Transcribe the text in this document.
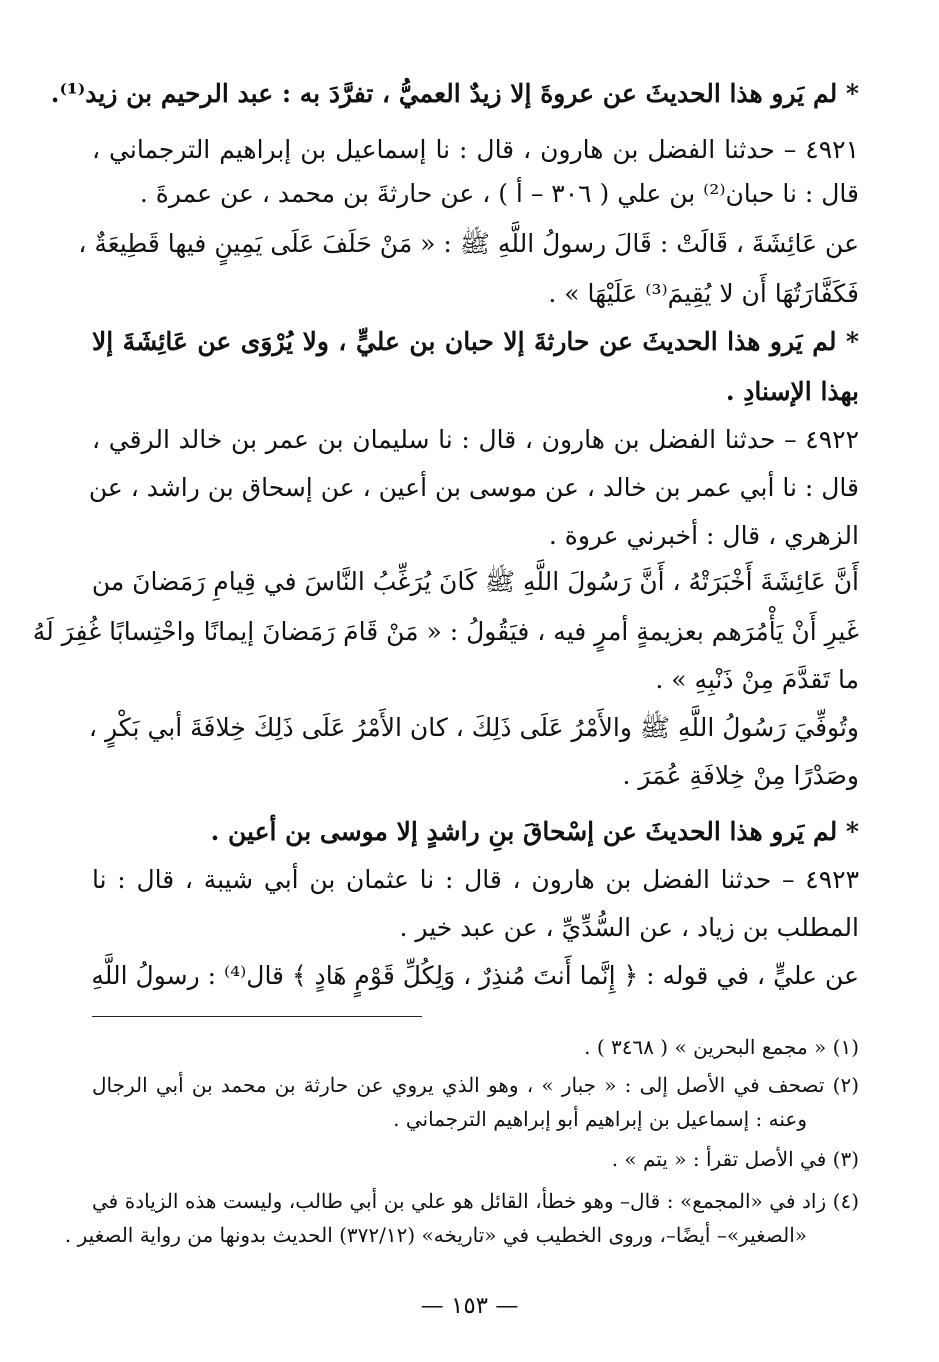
* لم يَرو هذا الحديثَ عن عروةَ إلا زيدٌ العميُّ ، تفرَّدَ به : عبد الرحيم بن زيد⁽¹⁾.
٤٩٢١ – حدثنا الفضل بن هارون ، قال : نا إسماعيل بن إبراهيم الترجماني ،
قال : نا حبان⁽²⁾ بن علي ( ٣٠٦ – أ ) ، عن حارثةَ بن محمد ، عن عمرةَ .
عن عَائِشَةَ ، قَالَتْ : قَالَ رسولُ اللَّهِ ﷺ : « مَنْ حَلَفَ عَلَى يَمِينٍ فيها قَطِيعَةٌ ،
فَكَفَّارَتُهَا أَن لا يُقِيمَ⁽³⁾ عَلَيْهَا » .
* لم يَرو هذا الحديثَ عن حارثةَ إلا حبان بن عليٍّ ، ولا يُرْوَى عن عَائِشَةَ إلا
بهذا الإسنادِ .
٤٩٢٢ – حدثنا الفضل بن هارون ، قال : نا سليمان بن عمر بن خالد الرقي ،
قال : نا أبي عمر بن خالد ، عن موسى بن أعين ، عن إسحاق بن راشد ، عن
الزهري ، قال : أخبرني عروة .
أَنَّ عَائِشَةَ أَخْبَرَتْهُ ، أَنَّ رَسُولَ اللَّهِ ﷺ كَانَ يُرَغِّبُ النَّاسَ في قِيامِ رَمَضانَ من
غَيرِ أَنْ يَأْمُرَهم بعزيمةٍ أمرٍ فيه ، فيَقُولُ : « مَنْ قَامَ رَمَضانَ إيمانًا واحْتِسابًا غُفِرَ لَهُ
ما تَقدَّمَ مِنْ ذَنْبِهِ » .
وتُوفِّيَ رَسُولُ اللَّهِ ﷺ والأَمْرُ عَلَى ذَلِكَ ، كان الأَمْرُ عَلَى ذَلِكَ خِلافَةَ أبي بَكْرٍ ،
وصَدْرًا مِنْ خِلافَةِ عُمَرَ .
* لم يَرو هذا الحديثَ عن إسْحاقَ بنِ راشدٍ إلا موسى بن أعين .
٤٩٢٣ – حدثنا الفضل بن هارون ، قال : نا عثمان بن أبي شيبة ، قال : نا
المطلب بن زياد ، عن السُّدِّيِّ ، عن عبد خير .
عن عليٍّ ، في قوله : ﴿ إِنَّما أَنتَ مُنذِرٌ ، وَلِكُلِّ قَوْمٍ هَادٍ ﴾ قال⁽⁴⁾ : رسولُ اللَّهِ
(١) « مجمع البحرين » ( ٣٤٦٨ ) .
(٢) تصحف في الأصل إلى : « جبار » ، وهو الذي يروي عن حارثة بن محمد بن أبي الرجال
وعنه : إسماعيل بن إبراهيم أبو إبراهيم الترجماني .
(٣) في الأصل تقرأ : « يتم » .
(٤) زاد في «المجمع» : قال– وهو خطأ، القائل هو علي بن أبي طالب، وليست هذه الزيادة في
«الصغير»– أيضًا–، وروى الخطيب في «تاريخه» (٣٧٢/١٢) الحديث بدونها من رواية الصغير .
— ١٥٣ —
